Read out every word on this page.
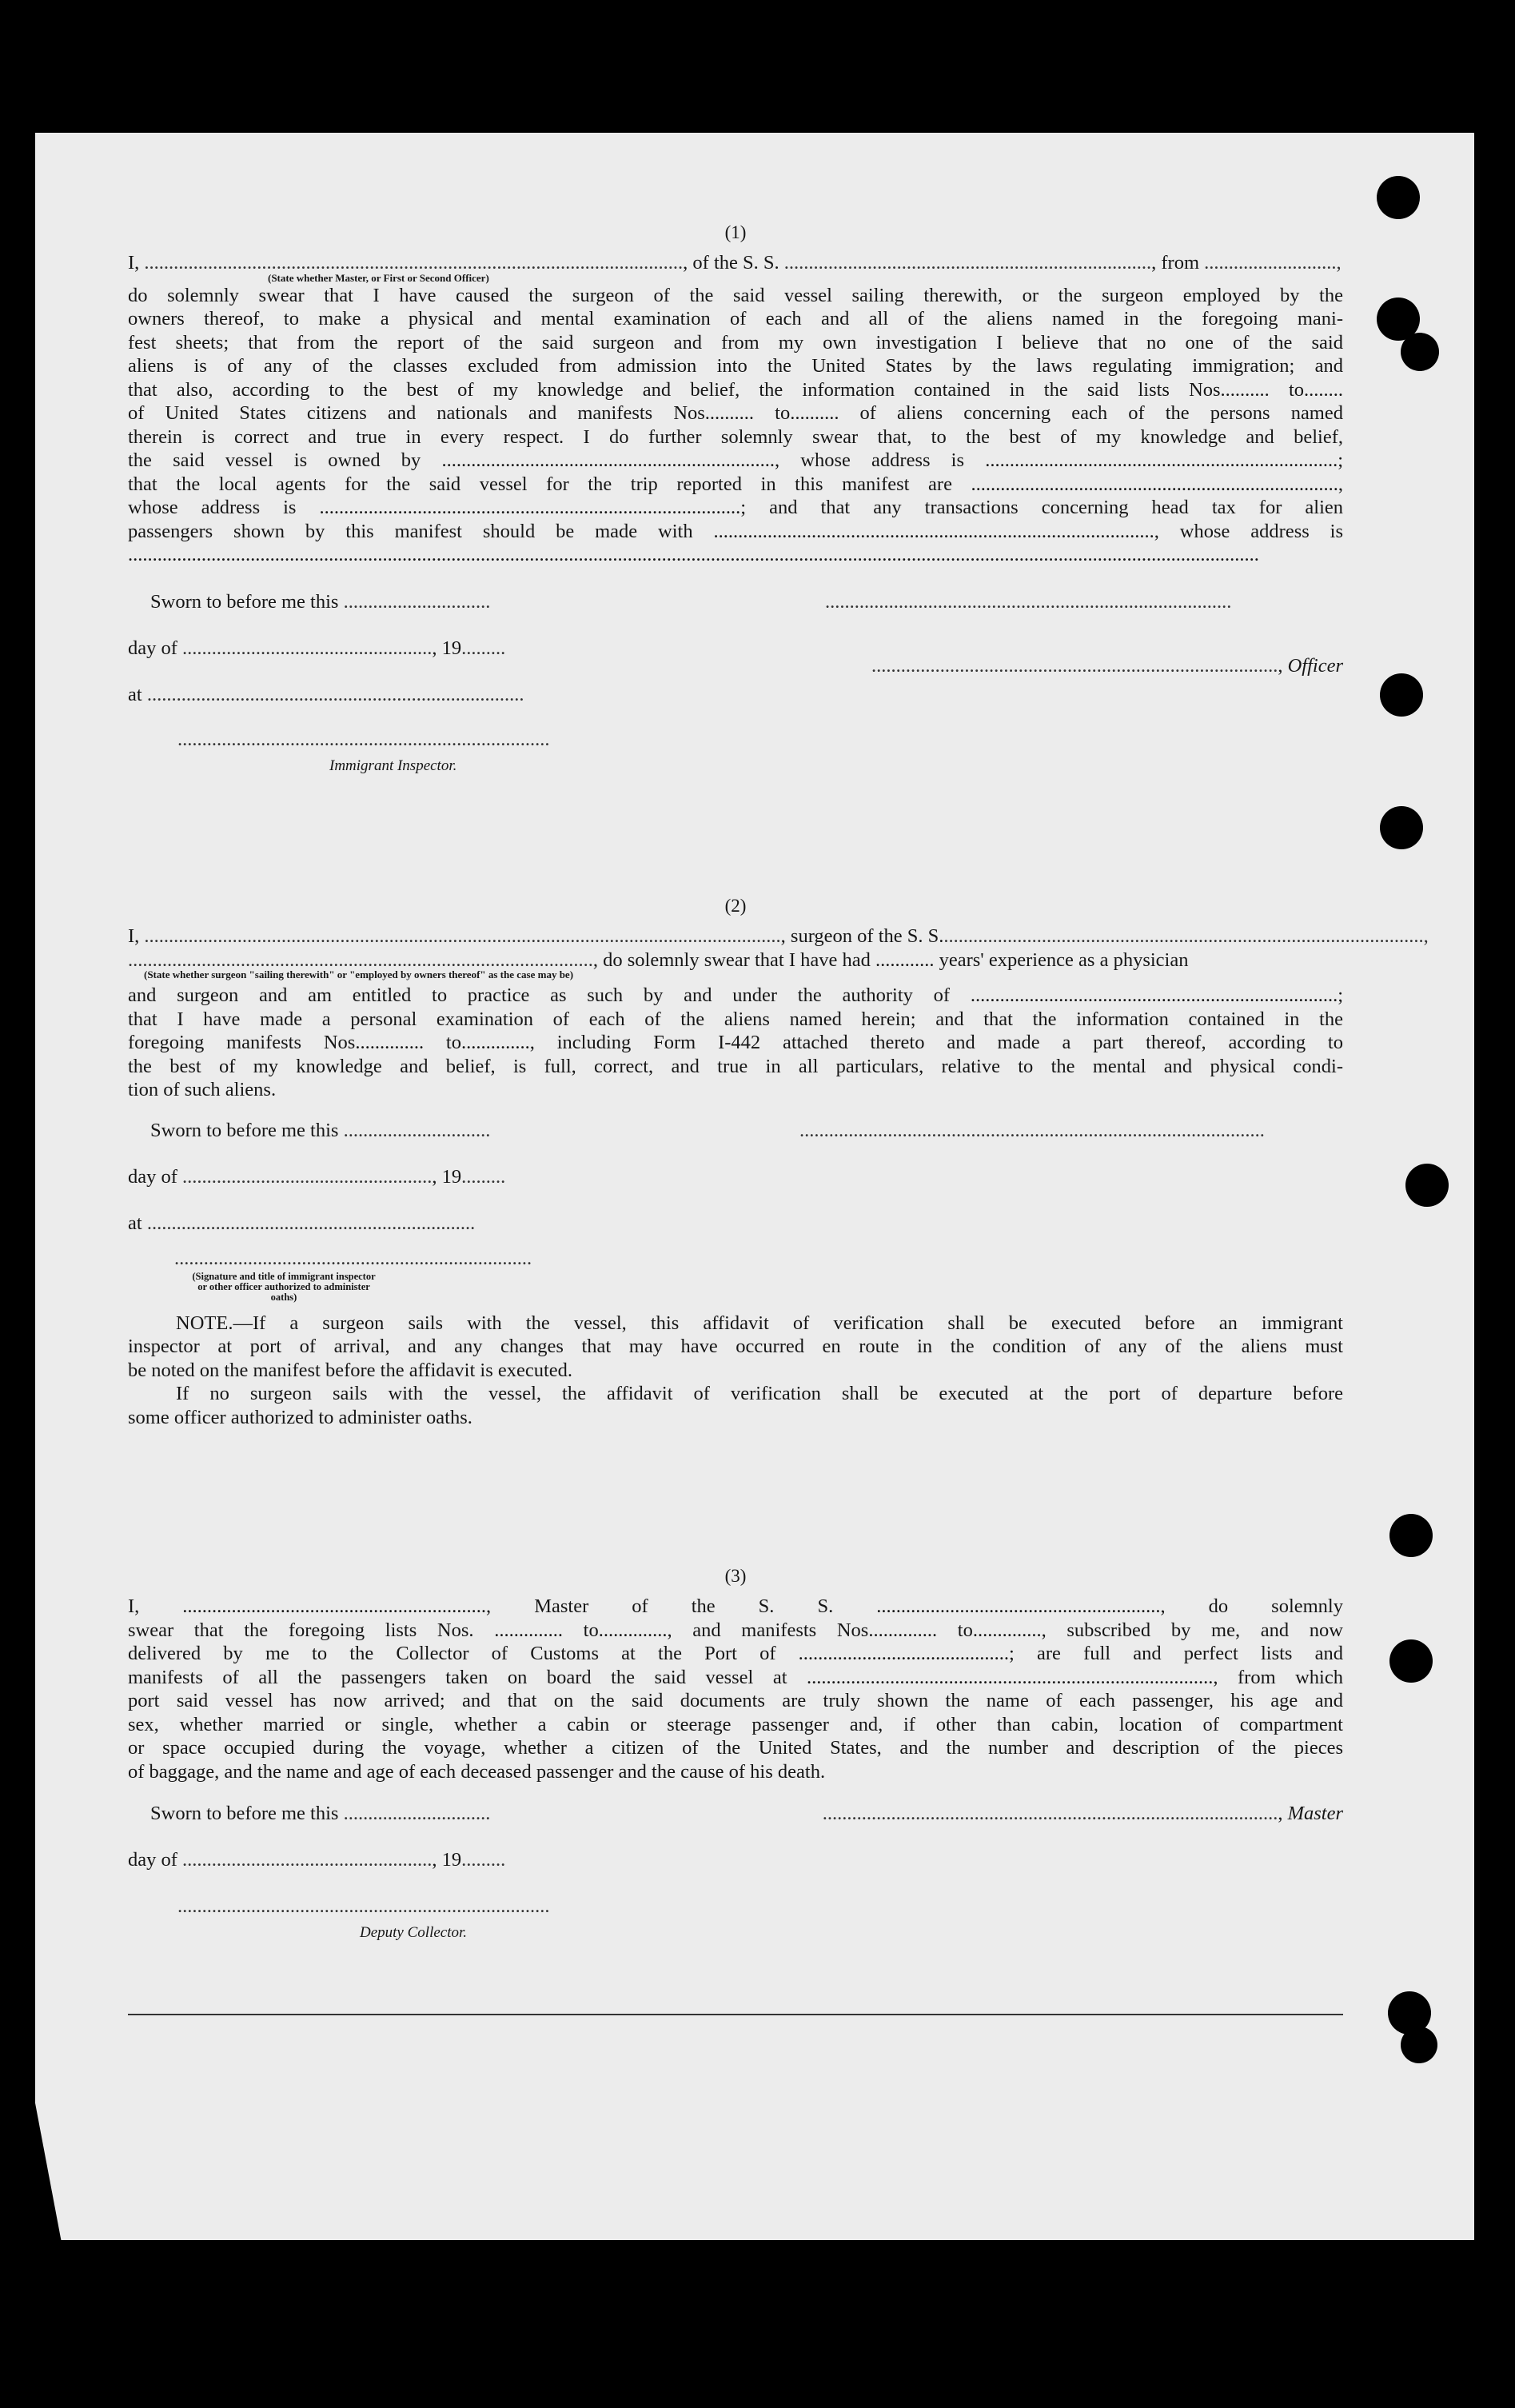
(1)
I, .............................................................................................................., of the S. S. ..........................................................................., from ...........................,
(State whether Master, or First or Second Officer)
do solemnly swear that I have caused the surgeon of the said vessel sailing therewith, or the surgeon employed by the
owners thereof, to make a physical and mental examination of each and all of the aliens named in the foregoing mani-
fest sheets; that from the report of the said surgeon and from my own investigation I believe that no one of the said
aliens is of any of the classes excluded from admission into the United States by the laws regulating immigration; and
that also, according to the best of my knowledge and belief, the information contained in the said lists Nos.......... to........
of United States citizens and nationals and manifests Nos.......... to.......... of aliens concerning each of the persons named
therein is correct and true in every respect. I do further solemnly swear that, to the best of my knowledge and belief,
the said vessel is owned by ...................................................................., whose address is ........................................................................;
that the local agents for the said vessel for the trip reported in this manifest are ...........................................................................,
whose address is ......................................................................................; and that any transactions concerning head tax for alien
passengers shown by this manifest should be made with .........................................................................................., whose address is
.......................................................................................................................................................................................................................................
Sworn to before me this ..............................	...................................................................................
day of ..................................................., 19.........
..................................................................................., Officer
at .............................................................................
............................................................................
Immigrant Inspector.
(2)
I, .................................................................................................................................., surgeon of the S. S...................................................................................................,
..............................................................................................., do solemnly swear that I have had ............ years' experience as a physician
(State whether surgeon "sailing therewith" or "employed by owners thereof" as the case may be)
and surgeon and am entitled to practice as such by and under the authority of ...........................................................................;
that I have made a personal examination of each of the aliens named herein; and that the information contained in the
foregoing manifests Nos.............. to.............., including Form I-442 attached thereto and made a part thereof, according to
the best of my knowledge and belief, is full, correct, and true in all particulars, relative to the mental and physical condi-
tion of such aliens.
Sworn to before me this ..............................	...............................................................................................
day of ..................................................., 19.........
at ...................................................................
.........................................................................
(Signature and title of immigrant inspector or other officer authorized to administer oaths)
NOTE.—If a surgeon sails with the vessel, this affidavit of verification shall be executed before an immigrant
inspector at port of arrival, and any changes that may have occurred en route in the condition of any of the aliens must
be noted on the manifest before the affidavit is executed.
If no surgeon sails with the vessel, the affidavit of verification shall be executed at the port of departure before
some officer authorized to administer oaths.
(3)
I, .............................................................., Master of the S. S. .........................................................., do solemnly
swear that the foregoing lists Nos. .............. to.............., and manifests Nos.............. to.............., subscribed by me, and now
delivered by me to the Collector of Customs at the Port of ...........................................; are full and perfect lists and
manifests of all the passengers taken on board the said vessel at ..................................................................................., from which
port said vessel has now arrived; and that on the said documents are truly shown the name of each passenger, his age and
sex, whether married or single, whether a cabin or steerage passenger and, if other than cabin, location of compartment
or space occupied during the voyage, whether a citizen of the United States, and the number and description of the pieces
of baggage, and the name and age of each deceased passenger and the cause of his death.
Sworn to before me this ..............................	............................................................................................., Master
day of ..................................................., 19.........
............................................................................
Deputy Collector.
